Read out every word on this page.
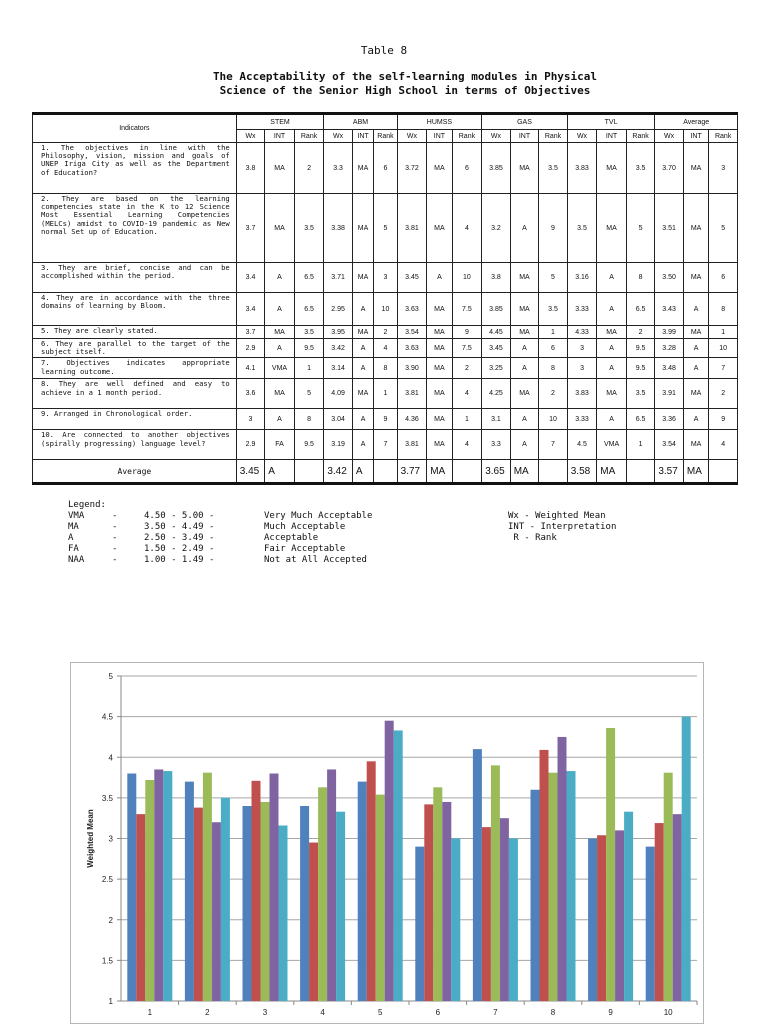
Table 8
The Acceptability of the self-learning modules in Physical
Science of the Senior High School in terms of Objectives
Indicators	STEM			ABM			HUMSS			GAS			TVL			Average		
	Wx	INT	Rank	Wx	INT	Rank	Wx	INT	Rank	Wx	INT	Rank	Wx	INT	Rank	Wx	INT	Rank
1. The objectives in line with the Philosophy, vision, mission and goals of UNEP Iriga City as well as the Department of Education?	3.8	MA	2	3.3	MA	6	3.72	MA	6	3.85	MA	3.5	3.83	MA	3.5	3.70	MA	3
2. They are based on the learning competencies state in the K to 12 Science Most Essential Learning Competencies (MELCs) amidst to COVID-19 pandemic as New normal Set up of Education.	3.7	MA	3.5	3.38	MA	5	3.81	MA	4	3.2	A	9	3.5	MA	5	3.51	MA	5
3. They are brief, concise and can be accomplished within the period.	3.4	A	6.5	3.71	MA	3	3.45	A	10	3.8	MA	5	3.16	A	8	3.50	MA	6
4. They are in accordance with the three domains of learning by Bloom.	3.4	A	6.5	2.95	A	10	3.63	MA	7.5	3.85	MA	3.5	3.33	A	6.5	3.43	A	8
5. They are clearly stated.	3.7	MA	3.5	3.95	MA	2	3.54	MA	9	4.45	MA	1	4.33	MA	2	3.99	MA	1
6. They are parallel to the target of the subject itself.	2.9	A	9.5	3.42	A	4	3.63	MA	7.5	3.45	A	6	3	A	9.5	3.28	A	10
7. Objectives indicates appropriate learning outcome.	4.1	VMA	1	3.14	A	8	3.90	MA	2	3.25	A	8	3	A	9.5	3.48	A	7
8. They are well defined and easy to achieve in a 1 month period.	3.6	MA	5	4.09	MA	1	3.81	MA	4	4.25	MA	2	3.83	MA	3.5	3.91	MA	2
9. Arranged in Chronological order.	3	A	8	3.04	A	9	4.36	MA	1	3.1	A	10	3.33	A	6.5	3.36	A	9
10. Are connected to another objectives (spirally progressing) language level?	2.9	FA	9.5	3.19	A	7	3.81	MA	4	3.3	A	7	4.5	VMA	1	3.54	MA	4
Average	3.45	A		3.42	A		3.77	MA		3.65	MA		3.58	MA		3.57	MA	
Legend:
VMA	-	4.50 - 5.00 -	Very Much Acceptable	Wx - Weighted Mean
MA	-	3.50 - 4.49 -	Much Acceptable	INT - Interpretation
A	-	2.50 - 3.49 -	Acceptable	R - Rank
FA	-	1.50 - 2.49 -	Fair Acceptable
NAA	-	1.00 - 1.49 -	Not at All Accepted
1
1.5
2
2.5
3
3.5
4
4.5
5
Weighted Mean
1	2	3	4	5	6	7	8	9	10
